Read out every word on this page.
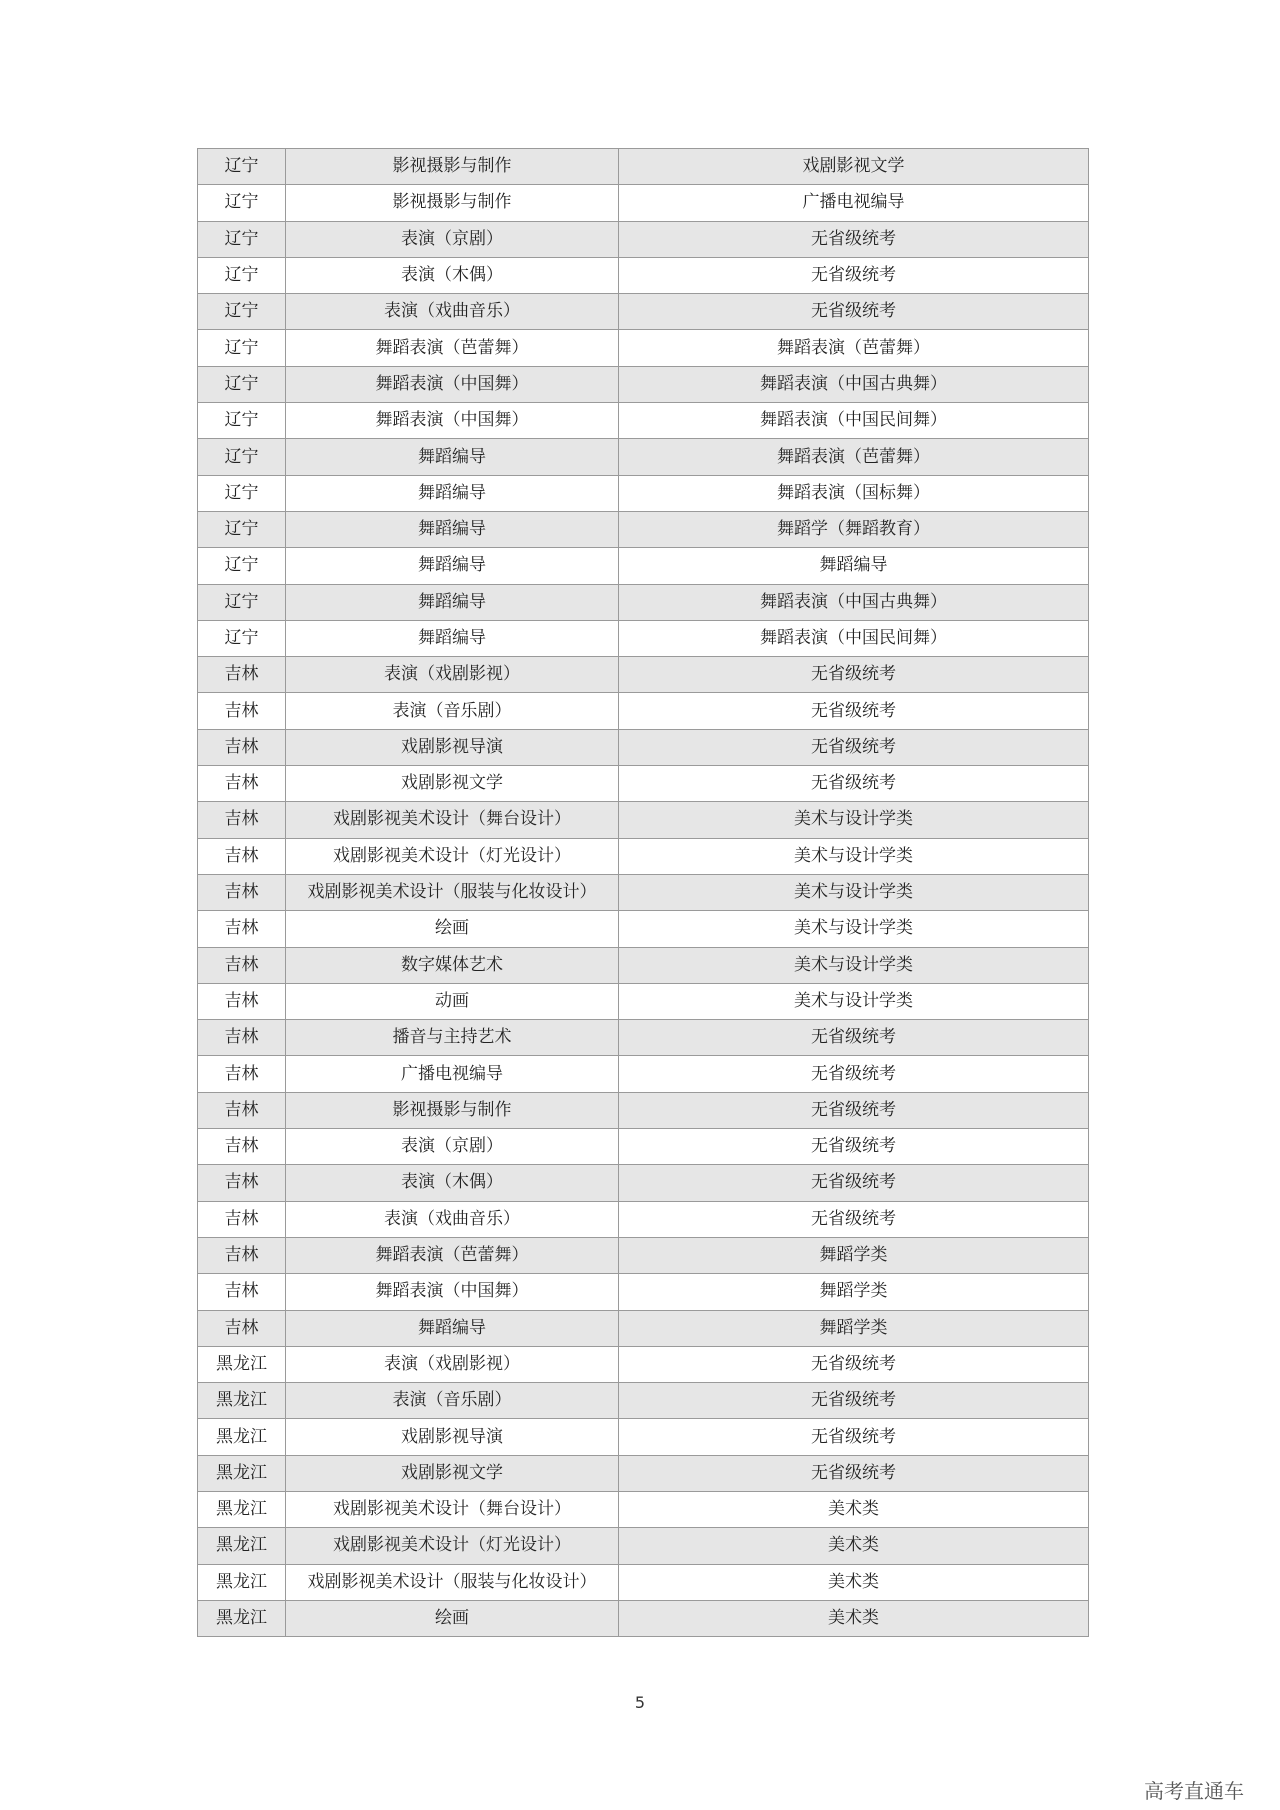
辽宁	影视摄影与制作	戏剧影视文学
辽宁	影视摄影与制作	广播电视编导
辽宁	表演（京剧）	无省级统考
辽宁	表演（木偶）	无省级统考
辽宁	表演（戏曲音乐）	无省级统考
辽宁	舞蹈表演（芭蕾舞）	舞蹈表演（芭蕾舞）
辽宁	舞蹈表演（中国舞）	舞蹈表演（中国古典舞）
辽宁	舞蹈表演（中国舞）	舞蹈表演（中国民间舞）
辽宁	舞蹈编导	舞蹈表演（芭蕾舞）
辽宁	舞蹈编导	舞蹈表演（国标舞）
辽宁	舞蹈编导	舞蹈学（舞蹈教育）
辽宁	舞蹈编导	舞蹈编导
辽宁	舞蹈编导	舞蹈表演（中国古典舞）
辽宁	舞蹈编导	舞蹈表演（中国民间舞）
吉林	表演（戏剧影视）	无省级统考
吉林	表演（音乐剧）	无省级统考
吉林	戏剧影视导演	无省级统考
吉林	戏剧影视文学	无省级统考
吉林	戏剧影视美术设计（舞台设计）	美术与设计学类
吉林	戏剧影视美术设计（灯光设计）	美术与设计学类
吉林	戏剧影视美术设计（服装与化妆设计）	美术与设计学类
吉林	绘画	美术与设计学类
吉林	数字媒体艺术	美术与设计学类
吉林	动画	美术与设计学类
吉林	播音与主持艺术	无省级统考
吉林	广播电视编导	无省级统考
吉林	影视摄影与制作	无省级统考
吉林	表演（京剧）	无省级统考
吉林	表演（木偶）	无省级统考
吉林	表演（戏曲音乐）	无省级统考
吉林	舞蹈表演（芭蕾舞）	舞蹈学类
吉林	舞蹈表演（中国舞）	舞蹈学类
吉林	舞蹈编导	舞蹈学类
黑龙江	表演（戏剧影视）	无省级统考
黑龙江	表演（音乐剧）	无省级统考
黑龙江	戏剧影视导演	无省级统考
黑龙江	戏剧影视文学	无省级统考
黑龙江	戏剧影视美术设计（舞台设计）	美术类
黑龙江	戏剧影视美术设计（灯光设计）	美术类
黑龙江	戏剧影视美术设计（服装与化妆设计）	美术类
黑龙江	绘画	美术类
5
高考直通车
